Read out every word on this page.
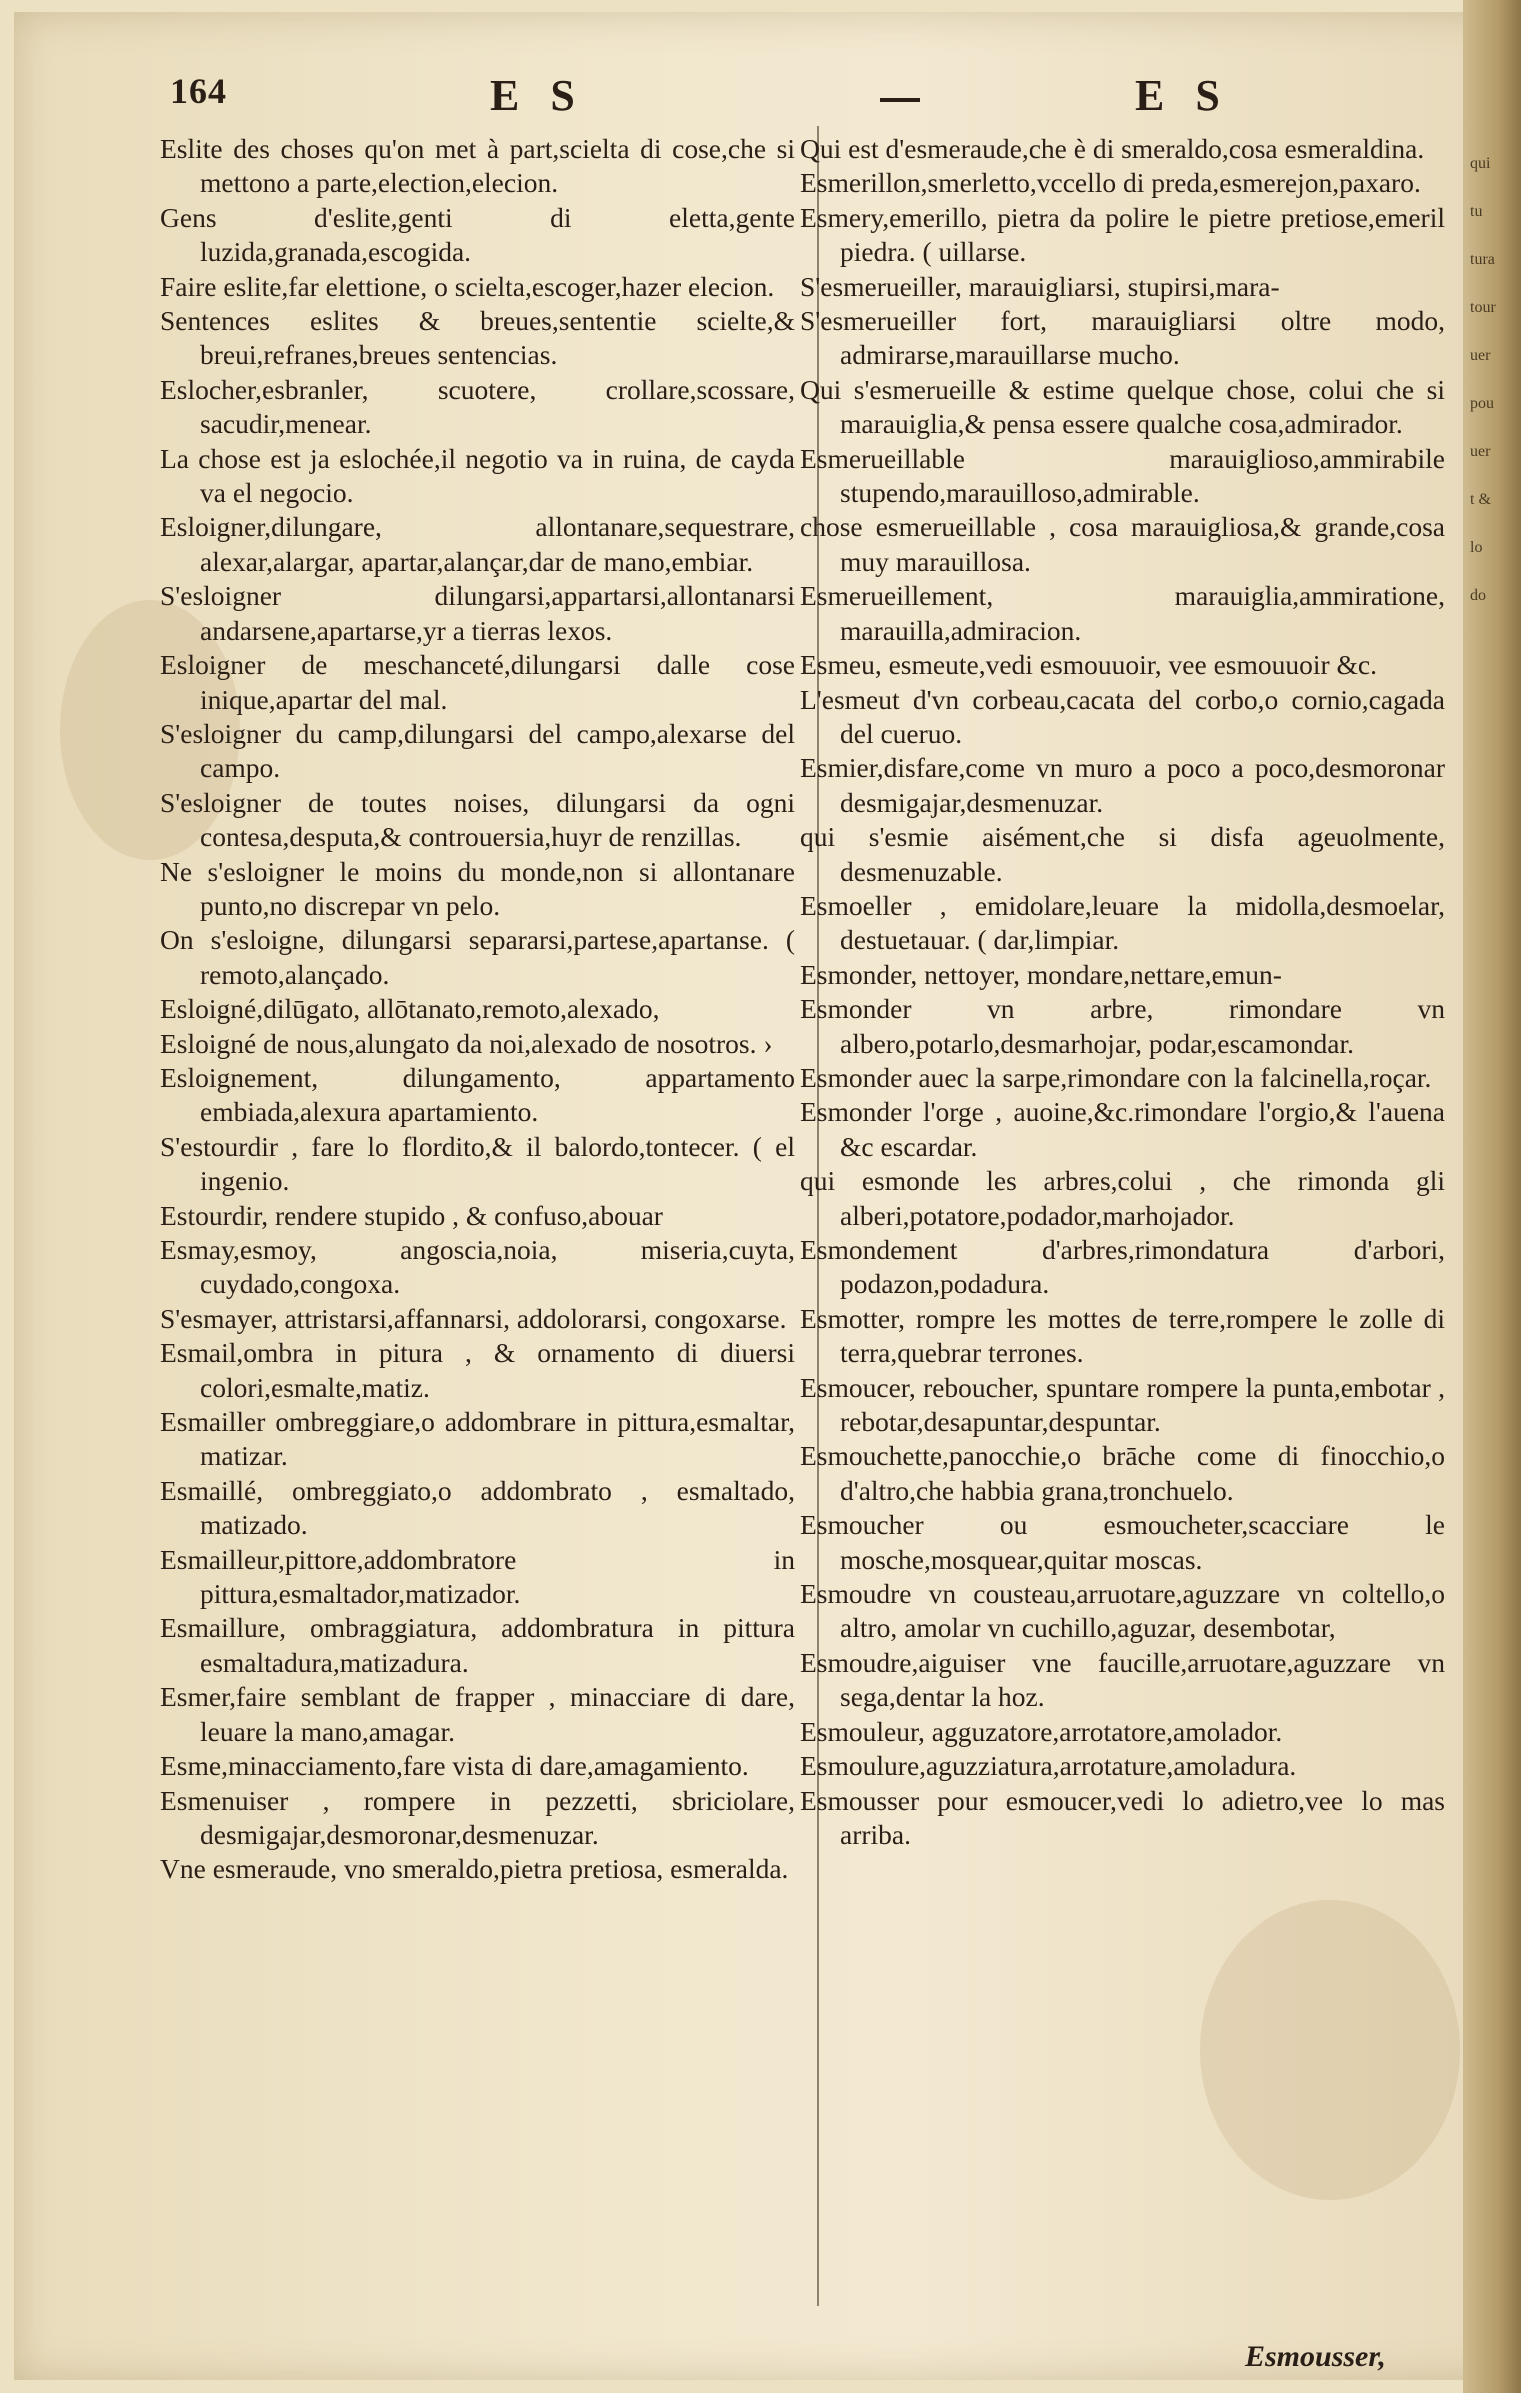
qui
tu
tura
tour
uer
pou
uer
t &
lo
do
164	E S	E S

Eslite des choses qu'on met à part,scielta di cose,che si mettono a parte,election,elecion.

Gens d'eslite,genti di eletta,gente luzida,granada,escogida.

Faire eslite,far elettione, o scielta,escoger,hazer elecion.

Sentences eslites & breues,sententie scielte,& breui,refranes,breues sentencias.

Eslocher,esbranler, scuotere, crollare,scossare, sacudir,menear.

La chose est ja eslochée,il negotio va in ruina, de cayda va el negocio.

Esloigner,dilungare, allontanare,sequestrare, alexar,alargar, apartar,alançar,dar de mano,embiar.

S'esloigner dilungarsi,appartarsi,allontanarsi andarsene,apartarse,yr a tierras lexos.

Esloigner de meschanceté,dilungarsi dalle cose inique,apartar del mal.

S'esloigner du camp,dilungarsi del campo,alexarse del campo.

S'esloigner de toutes noises, dilungarsi da ogni contesa,desputa,& controuersia,huyr de renzillas.

Ne s'esloigner le moins du monde,non si allontanare punto,no discrepar vn pelo.

On s'esloigne, dilungarsi separarsi,partese,apartanse. ( remoto,alançado.

Esloigné,dilūgato, allōtanato,remoto,alexado,

Esloigné de nous,alungato da noi,alexado de nosotros. ›

Esloignement, dilungamento, appartamento embiada,alexura apartamiento.

S'estourdir , fare lo flordito,& il balordo,tontecer. ( el ingenio.

Estourdir, rendere stupido , & confuso,abouar

Esmay,esmoy, angoscia,noia, miseria,cuyta, cuydado,congoxa.

S'esmayer, attristarsi,affannarsi, addolorarsi, congoxarse.

Esmail,ombra in pitura , & ornamento di diuersi colori,esmalte,matiz.

Esmailler ombreggiare,o addombrare in pittura,esmaltar, matizar.

Esmaillé, ombreggiato,o addombrato , esmaltado, matizado.

Esmailleur,pittore,addombratore in pittura,esmaltador,matizador.

Esmaillure, ombraggiatura, addombratura in pittura esmaltadura,matizadura.

Esmer,faire semblant de frapper , minacciare di dare, leuare la mano,amagar.

Esme,minacciamento,fare vista di dare,amagamiento.

Esmenuiser , rompere in pezzetti, sbriciolare, desmigajar,desmoronar,desmenuzar.

Vne esmeraude, vno smeraldo,pietra pretiosa, esmeralda.

Qui est d'esmeraude,che è di smeraldo,cosa esmeraldina.

Esmerillon,smerletto,vccello di preda,esmerejon,paxaro.

Esmery,emerillo, pietra da polire le pietre pretiose,emeril piedra. ( uillarse.

S'esmerueiller, marauigliarsi, stupirsi,mara-

S'esmerueiller fort, marauigliarsi oltre modo, admirarse,marauillarse mucho.

Qui s'esmerueille & estime quelque chose, colui che si marauiglia,& pensa essere qualche cosa,admirador.

Esmerueillable marauiglioso,ammirabile stupendo,marauilloso,admirable.

chose esmerueillable , cosa marauigliosa,& grande,cosa muy marauillosa.

Esmerueillement, marauiglia,ammiratione, marauilla,admiracion.

Esmeu, esmeute,vedi esmouuoir, vee esmouuoir &c.

L'esmeut d'vn corbeau,cacata del corbo,o cornio,cagada del cueruo.

Esmier,disfare,come vn muro a poco a poco,desmoronar desmigajar,desmenuzar.

qui s'esmie aisément,che si disfa ageuolmente, desmenuzable.

Esmoeller , emidolare,leuare la midolla,desmoelar, destuetauar. ( dar,limpiar.

Esmonder, nettoyer, mondare,nettare,emun-

Esmonder vn arbre, rimondare vn albero,potarlo,desmarhojar, podar,escamondar.

Esmonder auec la sarpe,rimondare con la falcinella,roçar.

Esmonder l'orge , auoine,&c.rimondare l'orgio,& l'auena &c escardar.

qui esmonde les arbres,colui , che rimonda gli alberi,potatore,podador,marhojador.

Esmondement d'arbres,rimondatura d'arbori, podazon,podadura.

Esmotter, rompre les mottes de terre,rompere le zolle di terra,quebrar terrones.

Esmoucer, reboucher, spuntare rompere la punta,embotar , rebotar,desapuntar,despuntar.

Esmouchette,panocchie,o brāche come di finocchio,o d'altro,che habbia grana,tronchuelo.

Esmoucher ou esmoucheter,scacciare le mosche,mosquear,quitar moscas.

Esmoudre vn cousteau,arruotare,aguzzare vn coltello,o altro, amolar vn cuchillo,aguzar, desembotar,

Esmoudre,aiguiser vne faucille,arruotare,aguzzare vn sega,dentar la hoz.

Esmouleur, agguzatore,arrotatore,amolador.

Esmoulure,aguzziatura,arrotature,amoladura.

Esmousser pour esmoucer,vedi lo adietro,vee lo mas arriba.

Esmousser,
